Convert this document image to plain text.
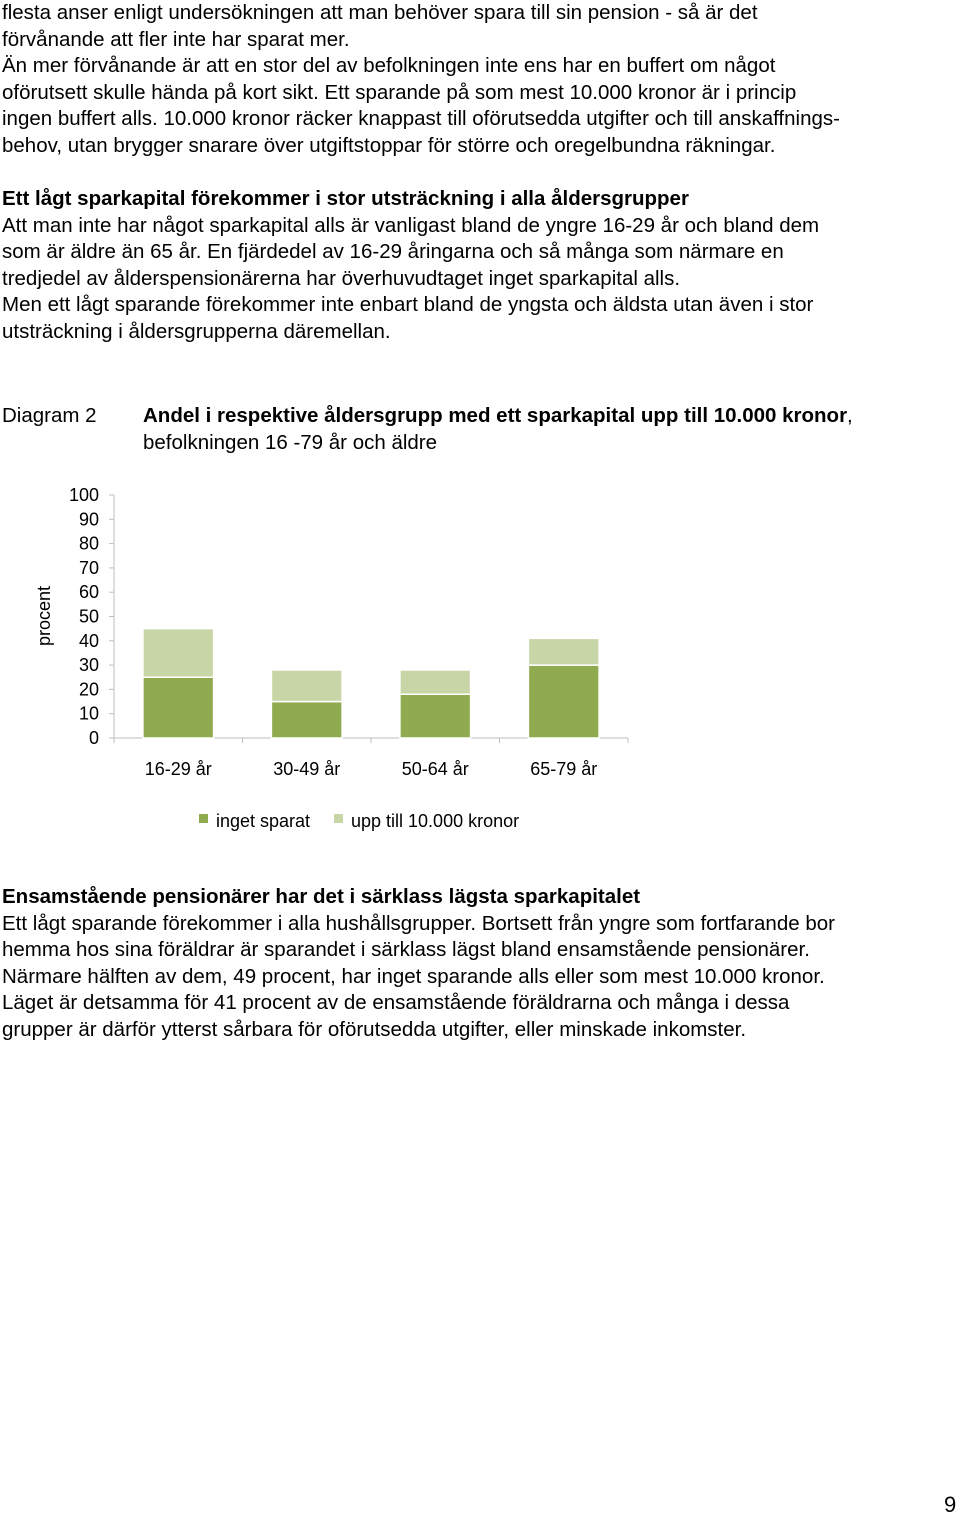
flesta anser enligt undersökningen att man behöver spara till sin pension - så är det
förvånande att fler inte har sparat mer.
Än mer förvånande är att en stor del av befolkningen inte ens har en buffert om något
oförutsett skulle hända på kort sikt. Ett sparande på som mest 10.000 kronor är i princip
ingen buffert alls. 10.000 kronor räcker knappast till oförutsedda utgifter och till anskaffnings-
behov, utan brygger snarare över utgiftstoppar för större och oregelbundna räkningar.
Ett lågt sparkapital förekommer i stor utsträckning i alla åldersgrupper
Att man inte har något sparkapital alls är vanligast bland de yngre 16-29 år och bland dem
som är äldre än 65 år. En fjärdedel av 16-29 åringarna och så många som närmare en
tredjedel av ålderspensionärerna har överhuvudtaget inget sparkapital alls.
Men ett lågt sparande förekommer inte enbart bland de yngsta och äldsta utan även i stor
utsträckning i åldersgrupperna däremellan.
Diagram 2 Andel i respektive åldersgrupp med ett sparkapital upp till 10.000 kronor,
befolkningen 16 -79 år och äldre
procent
0
10
20
30
40
50
60
70
80
90
100
16-29 år	30-49 år	50-64 år	65-79 år
inget sparat upp till 10.000 kronor
Ensamstående pensionärer har det i särklass lägsta sparkapitalet
Ett lågt sparande förekommer i alla hushållsgrupper. Bortsett från yngre som fortfarande bor
hemma hos sina föräldrar är sparandet i särklass lägst bland ensamstående pensionärer.
Närmare hälften av dem, 49 procent, har inget sparande alls eller som mest 10.000 kronor.
Läget är detsamma för 41 procent av de ensamstående föräldrarna och många i dessa
grupper är därför ytterst sårbara för oförutsedda utgifter, eller minskade inkomster.
9
